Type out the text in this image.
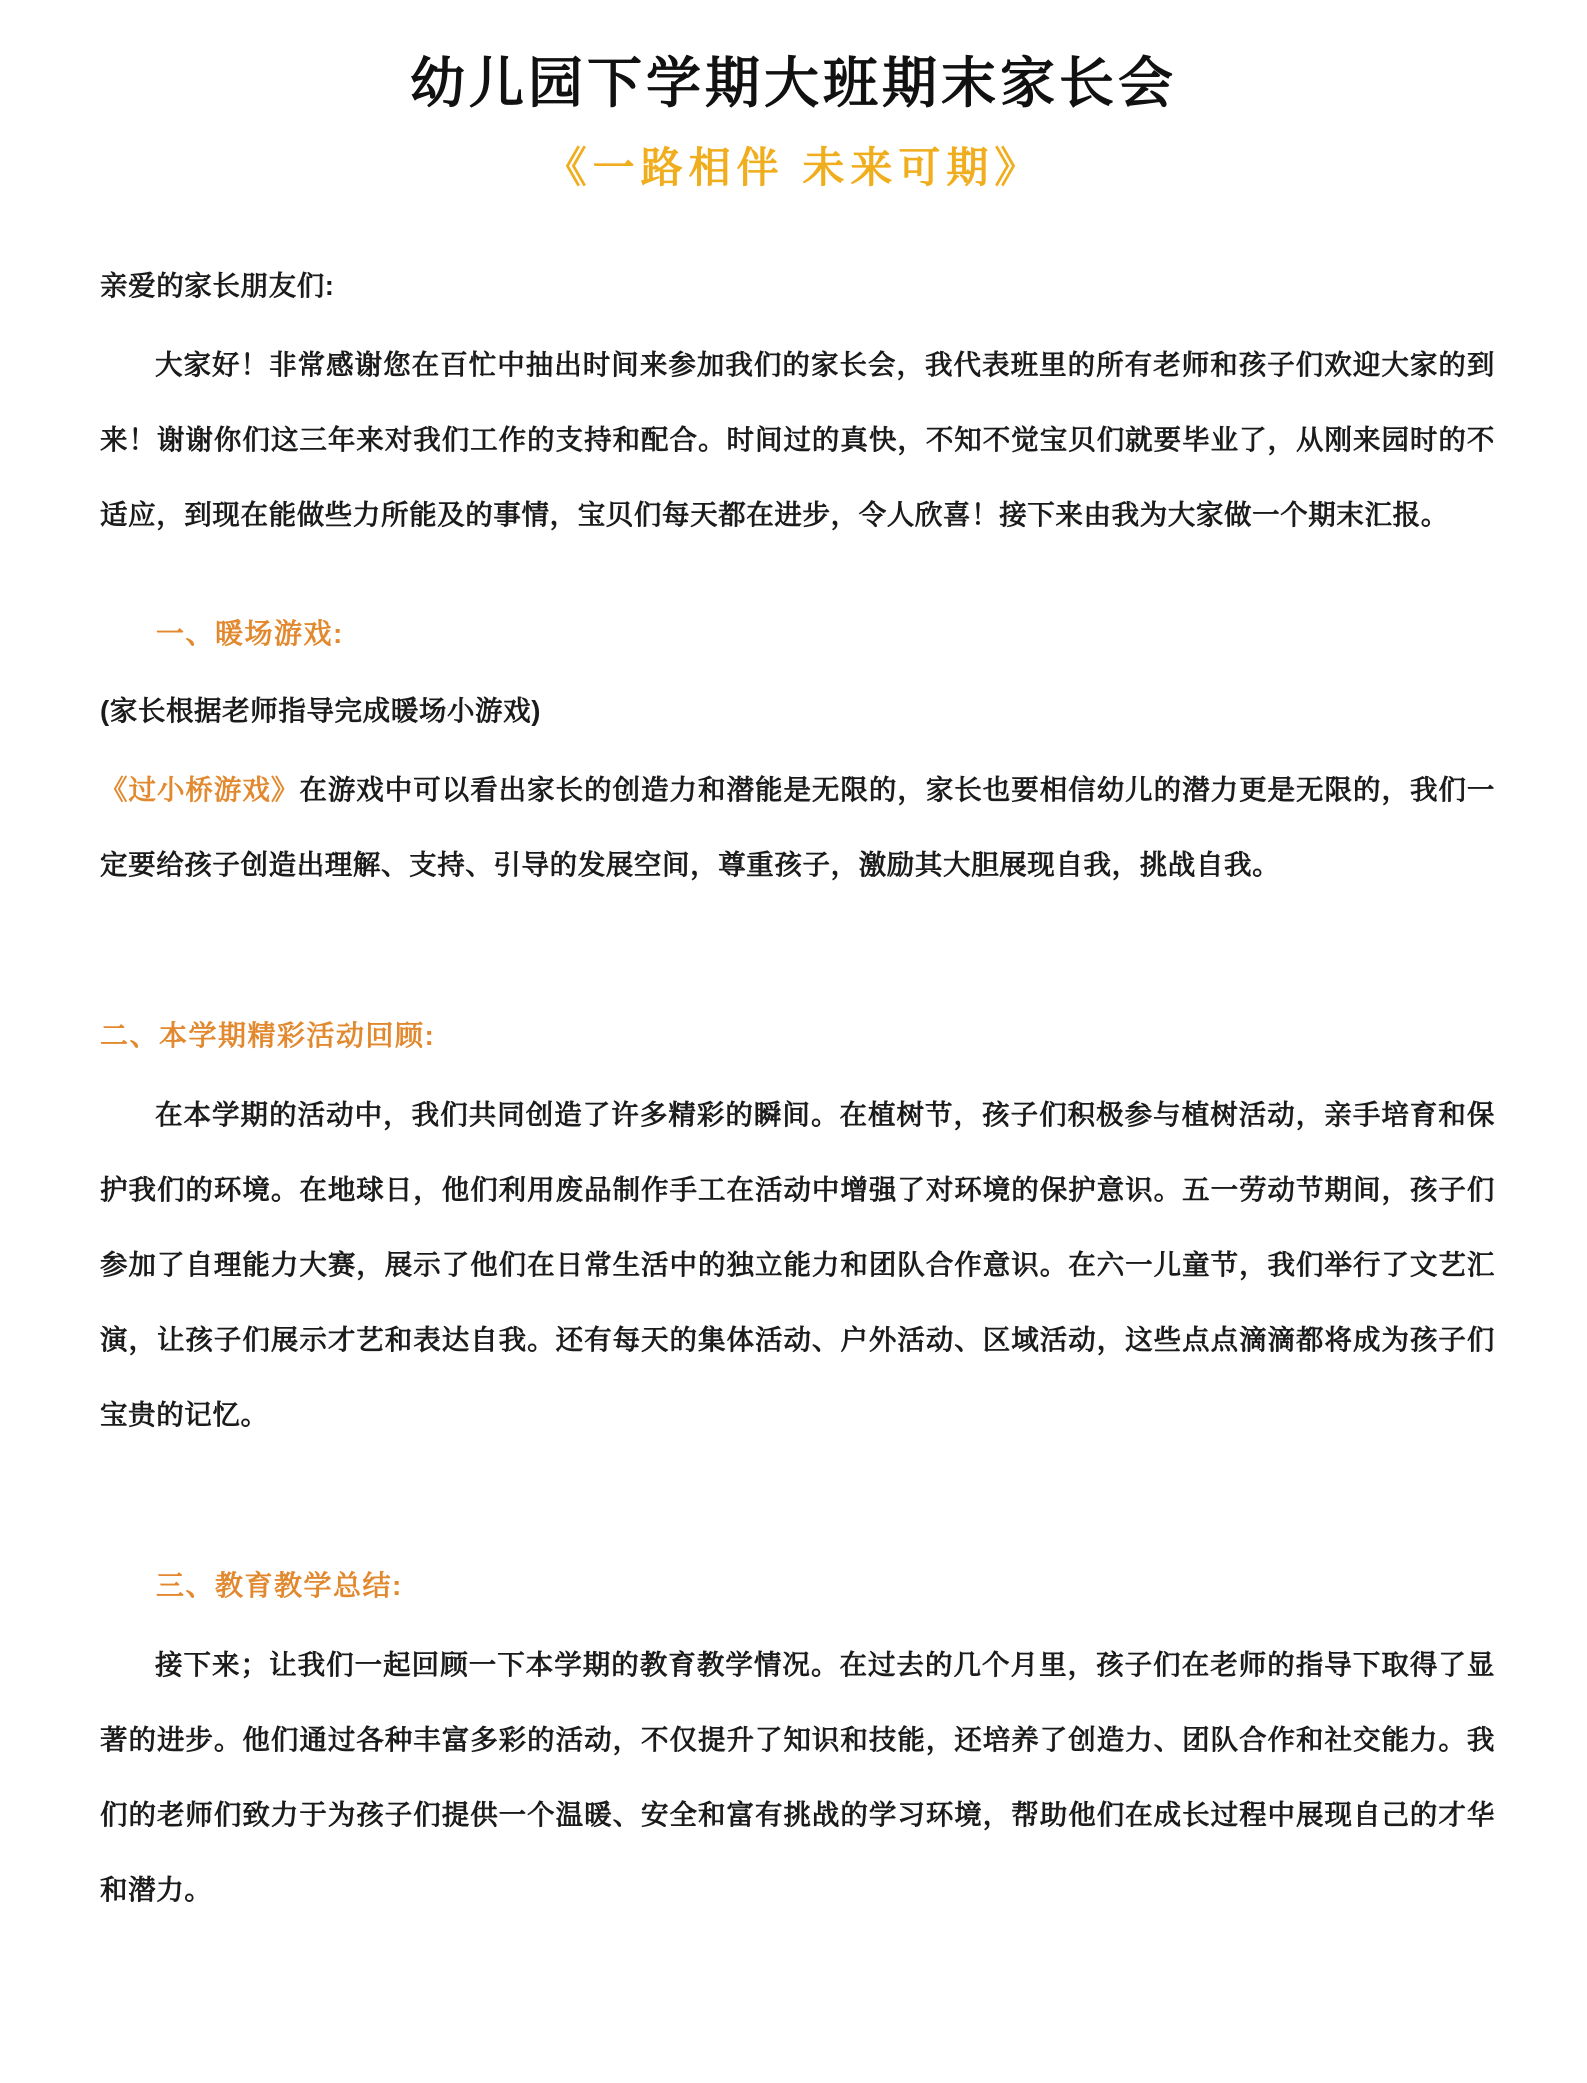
幼儿园下学期大班期末家长会
《一路相伴 未来可期》

亲爱的家长朋友们:

大家好！非常感谢您在百忙中抽出时间来参加我们的家长会，我代表班里的所有老师和孩子们欢迎大家的到来！谢谢你们这三年来对我们工作的支持和配合。时间过的真快，不知不觉宝贝们就要毕业了，从刚来园时的不适应，到现在能做些力所能及的事情，宝贝们每天都在进步，令人欣喜！接下来由我为大家做一个期末汇报。

一、暖场游戏:

(家长根据老师指导完成暖场小游戏)

《过小桥游戏》在游戏中可以看出家长的创造力和潜能是无限的，家长也要相信幼儿的潜力更是无限的，我们一定要给孩子创造出理解、支持、引导的发展空间，尊重孩子，激励其大胆展现自我，挑战自我。

二、本学期精彩活动回顾:

在本学期的活动中，我们共同创造了许多精彩的瞬间。在植树节，孩子们积极参与植树活动，亲手培育和保护我们的环境。在地球日，他们利用废品制作手工在活动中增强了对环境的保护意识。五一劳动节期间，孩子们参加了自理能力大赛，展示了他们在日常生活中的独立能力和团队合作意识。在六一儿童节，我们举行了文艺汇演，让孩子们展示才艺和表达自我。还有每天的集体活动、户外活动、区域活动，这些点点滴滴都将成为孩子们宝贵的记忆。

三、教育教学总结:

接下来；让我们一起回顾一下本学期的教育教学情况。在过去的几个月里，孩子们在老师的指导下取得了显著的进步。他们通过各种丰富多彩的活动，不仅提升了知识和技能，还培养了创造力、团队合作和社交能力。我们的老师们致力于为孩子们提供一个温暖、安全和富有挑战的学习环境，帮助他们在成长过程中展现自己的才华和潜力。
